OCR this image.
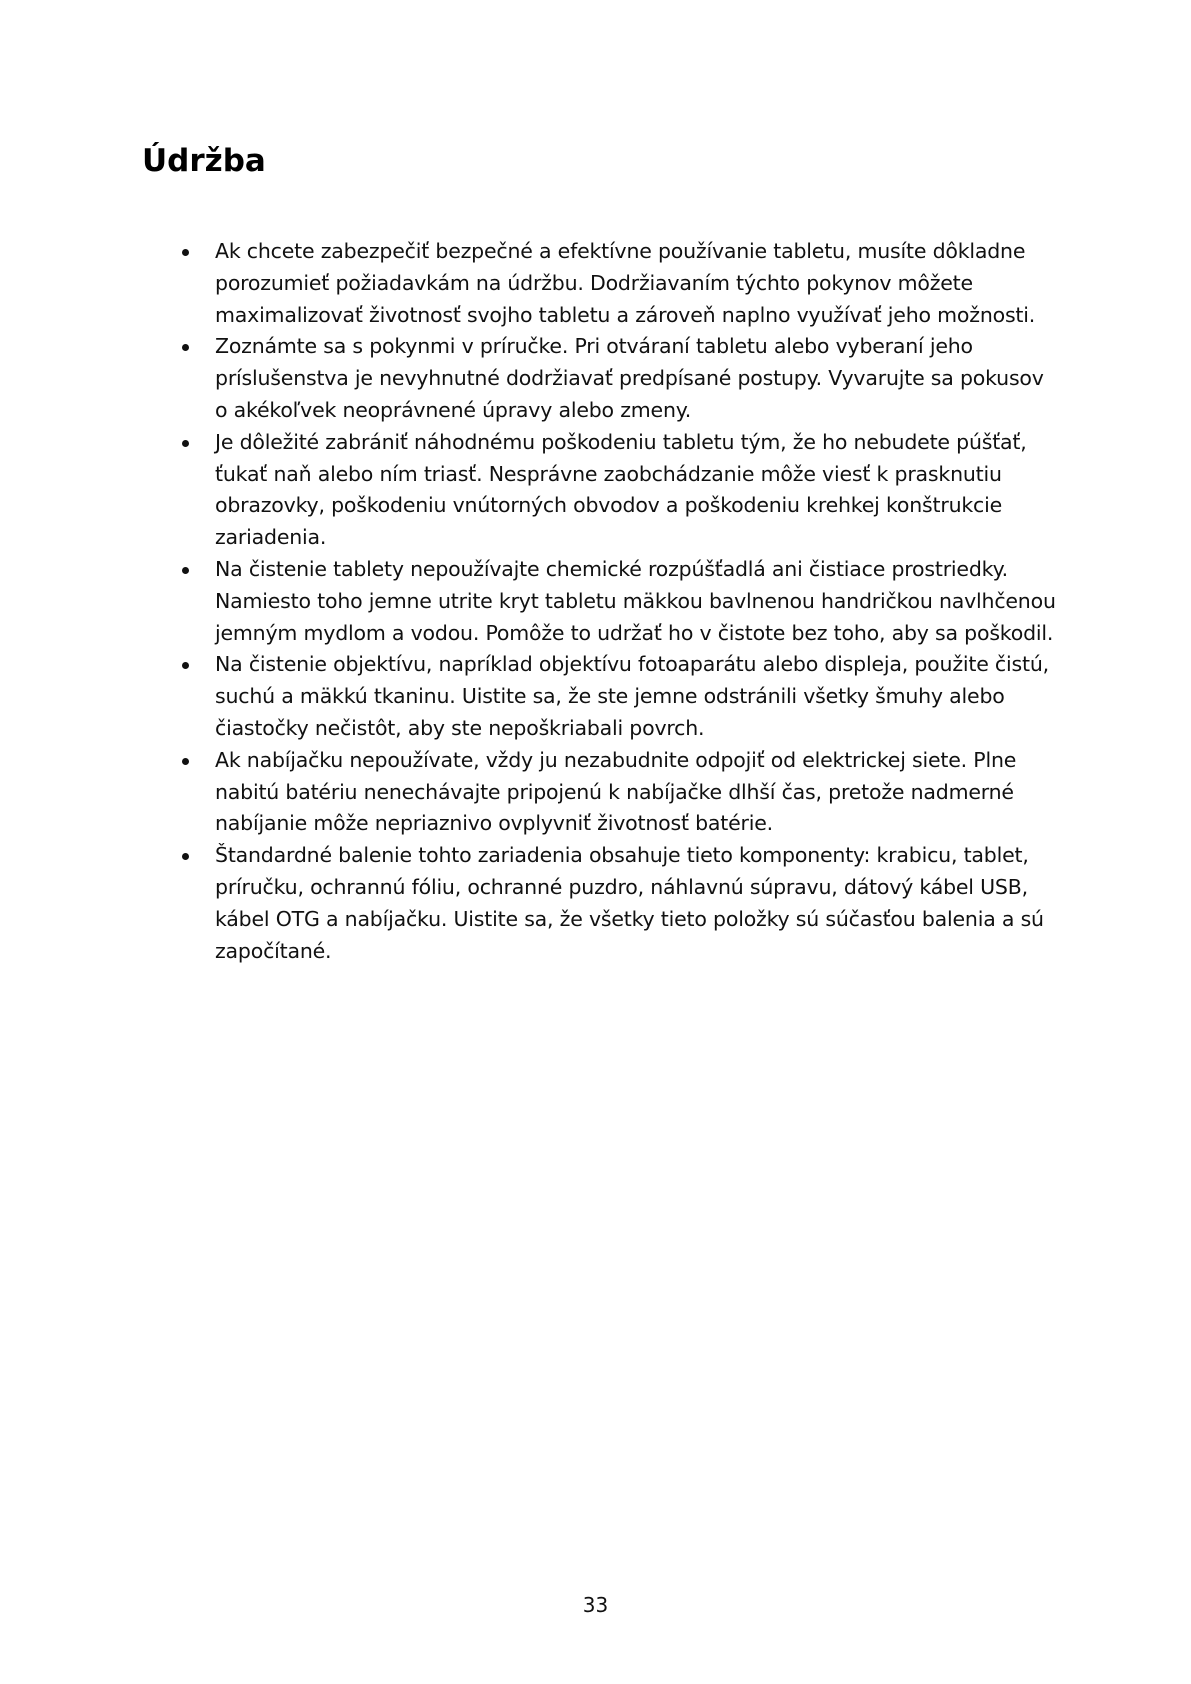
Údržba
Ak chcete zabezpečiť bezpečné a efektívne používanie tabletu, musíte dôkladne porozumieť požiadavkám na údržbu. Dodržiavaním týchto pokynov môžete maximalizovať životnosť svojho tabletu a zároveň naplno využívať jeho možnosti.
Zoznámte sa s pokynmi v príručke. Pri otváraní tabletu alebo vyberaní jeho príslušenstva je nevyhnutné dodržiavať predpísané postupy. Vyvarujte sa pokusov o akékoľvek neoprávnené úpravy alebo zmeny.
Je dôležité zabrániť náhodnému poškodeniu tabletu tým, že ho nebudete púšťať, ťukať naň alebo ním triasť. Nesprávne zaobchádzanie môže viesť k prasknutiu obrazovky, poškodeniu vnútorných obvodov a poškodeniu krehkej konštrukcie zariadenia.
Na čistenie tablety nepoužívajte chemické rozpúšťadlá ani čistiace prostriedky. Namiesto toho jemne utrite kryt tabletu mäkkou bavlnenou handričkou navlhčenou jemným mydlom a vodou. Pomôže to udržať ho v čistote bez toho, aby sa poškodil.
Na čistenie objektívu, napríklad objektívu fotoaparátu alebo displeja, použite čistú, suchú a mäkkú tkaninu. Uistite sa, že ste jemne odstránili všetky šmuhy alebo čiastočky nečistôt, aby ste nepoškriabali povrch.
Ak nabíjačku nepoužívate, vždy ju nezabudnite odpojiť od elektrickej siete. Plne nabitú batériu nenechávajte pripojenú k nabíjačke dlhší čas, pretože nadmerné nabíjanie môže nepriaznivo ovplyvniť životnosť batérie.
Štandardné balenie tohto zariadenia obsahuje tieto komponenty: krabicu, tablet, príručku, ochrannú fóliu, ochranné puzdro, náhlavnú súpravu, dátový kábel USB, kábel OTG a nabíjačku. Uistite sa, že všetky tieto položky sú súčasťou balenia a sú započítané.
33
